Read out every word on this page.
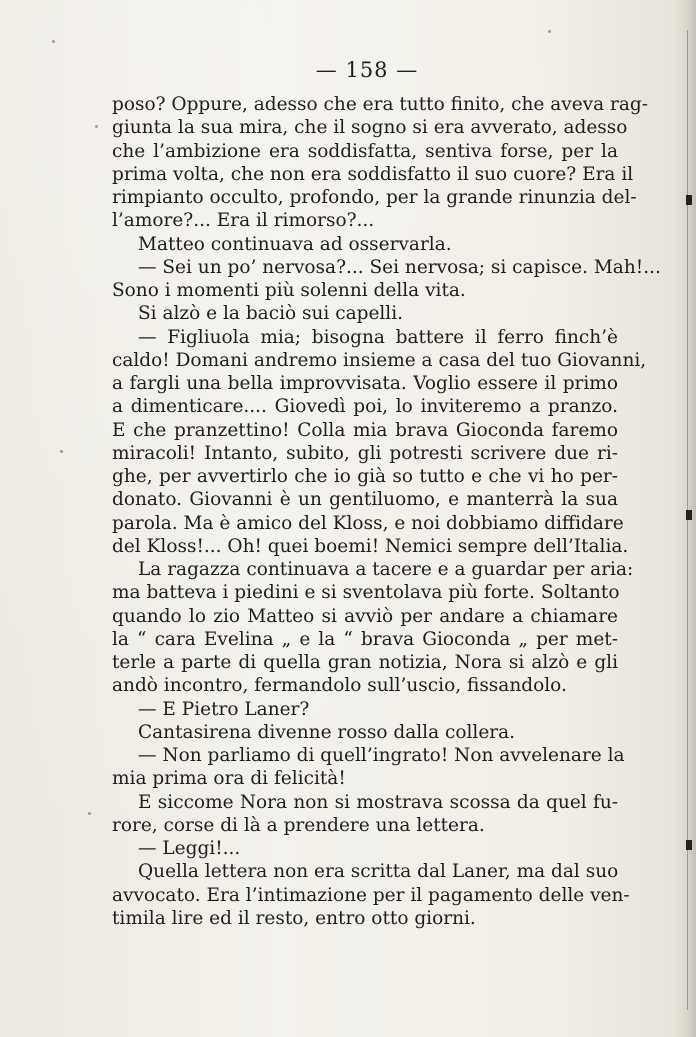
— 158 —
poso? Oppure, adesso che era tutto finito, che aveva rag-
giunta la sua mira, che il sogno si era avverato, adesso
che l’ambizione era soddisfatta, sentiva forse, per la
prima volta, che non era soddisfatto il suo cuore? Era il
rimpianto occulto, profondo, per la grande rinunzia del-
l’amore?... Era il rimorso?...
Matteo continuava ad osservarla.
— Sei un po’ nervosa?... Sei nervosa; si capisce. Mah!...
Sono i momenti più solenni della vita.
Si alzò e la baciò sui capelli.
— Figliuola mia; bisogna battere il ferro finch’è
caldo! Domani andremo insieme a casa del tuo Giovanni,
a fargli una bella improvvisata. Voglio essere il primo
a dimenticare.... Giovedì poi, lo inviteremo a pranzo.
E che pranzettino! Colla mia brava Gioconda faremo
miracoli! Intanto, subito, gli potresti scrivere due ri-
ghe, per avvertirlo che io già so tutto e che vi ho per-
donato. Giovanni è un gentiluomo, e manterrà la sua
parola. Ma è amico del Kloss, e noi dobbiamo diffidare
del Kloss!... Oh! quei boemi! Nemici sempre dell’Italia.
La ragazza continuava a tacere e a guardar per aria:
ma batteva i piedini e si sventolava più forte. Soltanto
quando lo zio Matteo si avviò per andare a chiamare
la “ cara Evelina „ e la “ brava Gioconda „ per met-
terle a parte di quella gran notizia, Nora si alzò e gli
andò incontro, fermandolo sull’uscio, fissandolo.
— E Pietro Laner?
Cantasirena divenne rosso dalla collera.
— Non parliamo di quell’ingrato! Non avvelenare la
mia prima ora di felicità!
E siccome Nora non si mostrava scossa da quel fu-
rore, corse di là a prendere una lettera.
— Leggi!...
Quella lettera non era scritta dal Laner, ma dal suo
avvocato. Era l’intimazione per il pagamento delle ven-
timila lire ed il resto, entro otto giorni.
